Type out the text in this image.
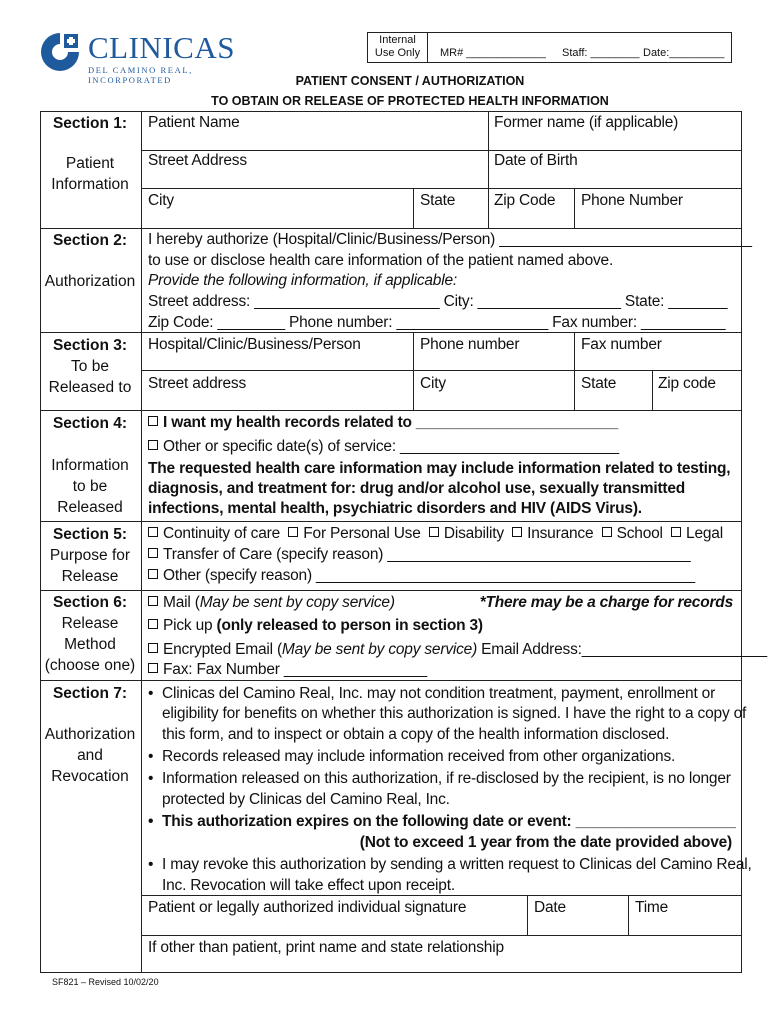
CLINICAS
DEL CAMINO REAL, INCORPORATED
Internal
Use Only	MR# _____________ Staff: ________ Date:_________
PATIENT CONSENT / AUTHORIZATION
TO OBTAIN OR RELEASE OF PROTECTED HEALTH INFORMATION
Section 1:
Patient
Information
Patient Name	Former name (if applicable)
Street Address	Date of Birth
City	State	Zip Code Phone Number
Section 2:
Authorization
I hereby authorize (Hospital/Clinic/Business/Person) ______________________________
to use or disclose health care information of the patient named above.
Provide the following information, if applicable:
Street address: ______________________ City: _________________ State: _______
Zip Code: ________ Phone number: __________________ Fax number: __________
Section 3:
To be
Released to
Hospital/Clinic/Business/Person	Phone number	Fax number
Street address	City	State	Zip code
Section 4:
Information
to be
Released
I want my health records related to ________________________
Other or specific date(s) of service: __________________________
The requested health care information may include information related to testing,
diagnosis, and treatment for: drug and/or alcohol use, sexually transmitted
infections, mental health, psychiatric disorders and HIV (AIDS Virus).
Section 5:
Purpose for
Release
Continuity of care For Personal Use Disability Insurance School Legal
Transfer of Care (specify reason) ____________________________________
Other (specify reason) _____________________________________________
Section 6:
Release
Method
(choose one)
Mail (May be sent by copy service)	*There may be a charge for records
Pick up (only released to person in section 3)
Encrypted Email (May be sent by copy service) Email Address:______________________
Fax: Fax Number _________________
Section 7:
Authorization
and
Revocation
• Clinicas del Camino Real, Inc. may not condition treatment, payment, enrollment or
eligibility for benefits on whether this authorization is signed. I have the right to a copy of
this form, and to inspect or obtain a copy of the health information disclosed.
• Records released may include information received from other organizations.
• Information released on this authorization, if re-disclosed by the recipient, is no longer
protected by Clinicas del Camino Real, Inc.
• This authorization expires on the following date or event: ___________________
(Not to exceed 1 year from the date provided above)
• I may revoke this authorization by sending a written request to Clinicas del Camino Real,
Inc. Revocation will take effect upon receipt.
Patient or legally authorized individual signature	Date	Time
If other than patient, print name and state relationship
SF821 – Revised 10/02/20
